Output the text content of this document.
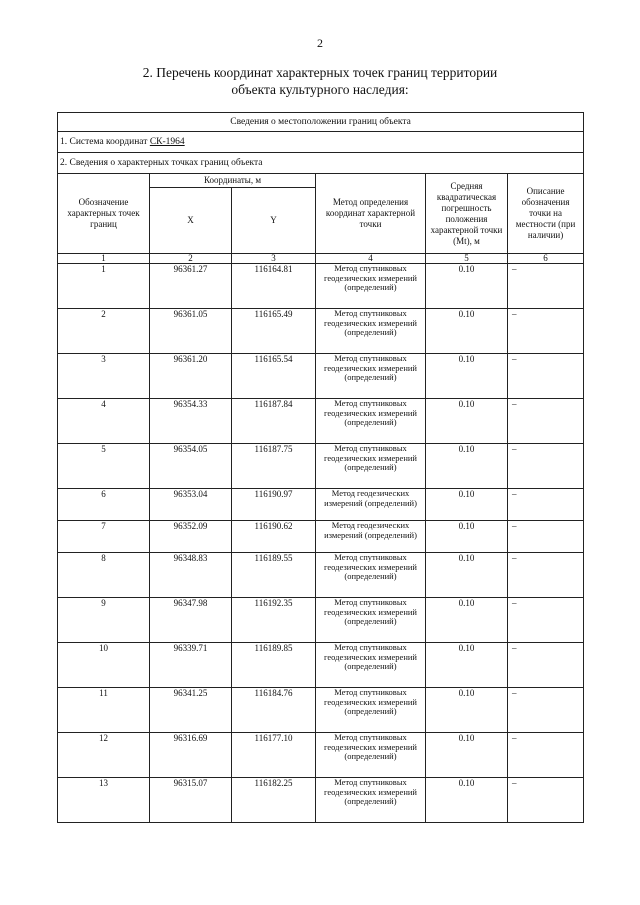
2
2. Перечень координат характерных точек границ территории
объекта культурного наследия:
Сведения о местоположении границ объекта					
1. Система координат СК-1964					
2. Сведения о характерных точках границ объекта					
Обозначение характерных точек границ	Координаты, м		Метод определения координат характерной точки	Средняя квадратическая погрешность положения характерной точки (Mt), м	Описание обозначения точки на местности (при наличии)
	X	Y			
1	2	3	4	5	6
1	96361.27	116164.81	Метод спутниковых геодезических измерений (определений)	0.10	–
2	96361.05	116165.49	Метод спутниковых геодезических измерений (определений)	0.10	–
3	96361.20	116165.54	Метод спутниковых геодезических измерений (определений)	0.10	–
4	96354.33	116187.84	Метод спутниковых геодезических измерений (определений)	0.10	–
5	96354.05	116187.75	Метод спутниковых геодезических измерений (определений)	0.10	–
6	96353.04	116190.97	Метод геодезических измерений (определений)	0.10	–
7	96352.09	116190.62	Метод геодезических измерений (определений)	0.10	–
8	96348.83	116189.55	Метод спутниковых геодезических измерений (определений)	0.10	–
9	96347.98	116192.35	Метод спутниковых геодезических измерений (определений)	0.10	–
10	96339.71	116189.85	Метод спутниковых геодезических измерений (определений)	0.10	–
11	96341.25	116184.76	Метод спутниковых геодезических измерений (определений)	0.10	–
12	96316.69	116177.10	Метод спутниковых геодезических измерений (определений)	0.10	–
13	96315.07	116182.25	Метод спутниковых геодезических измерений (определений)	0.10	–
